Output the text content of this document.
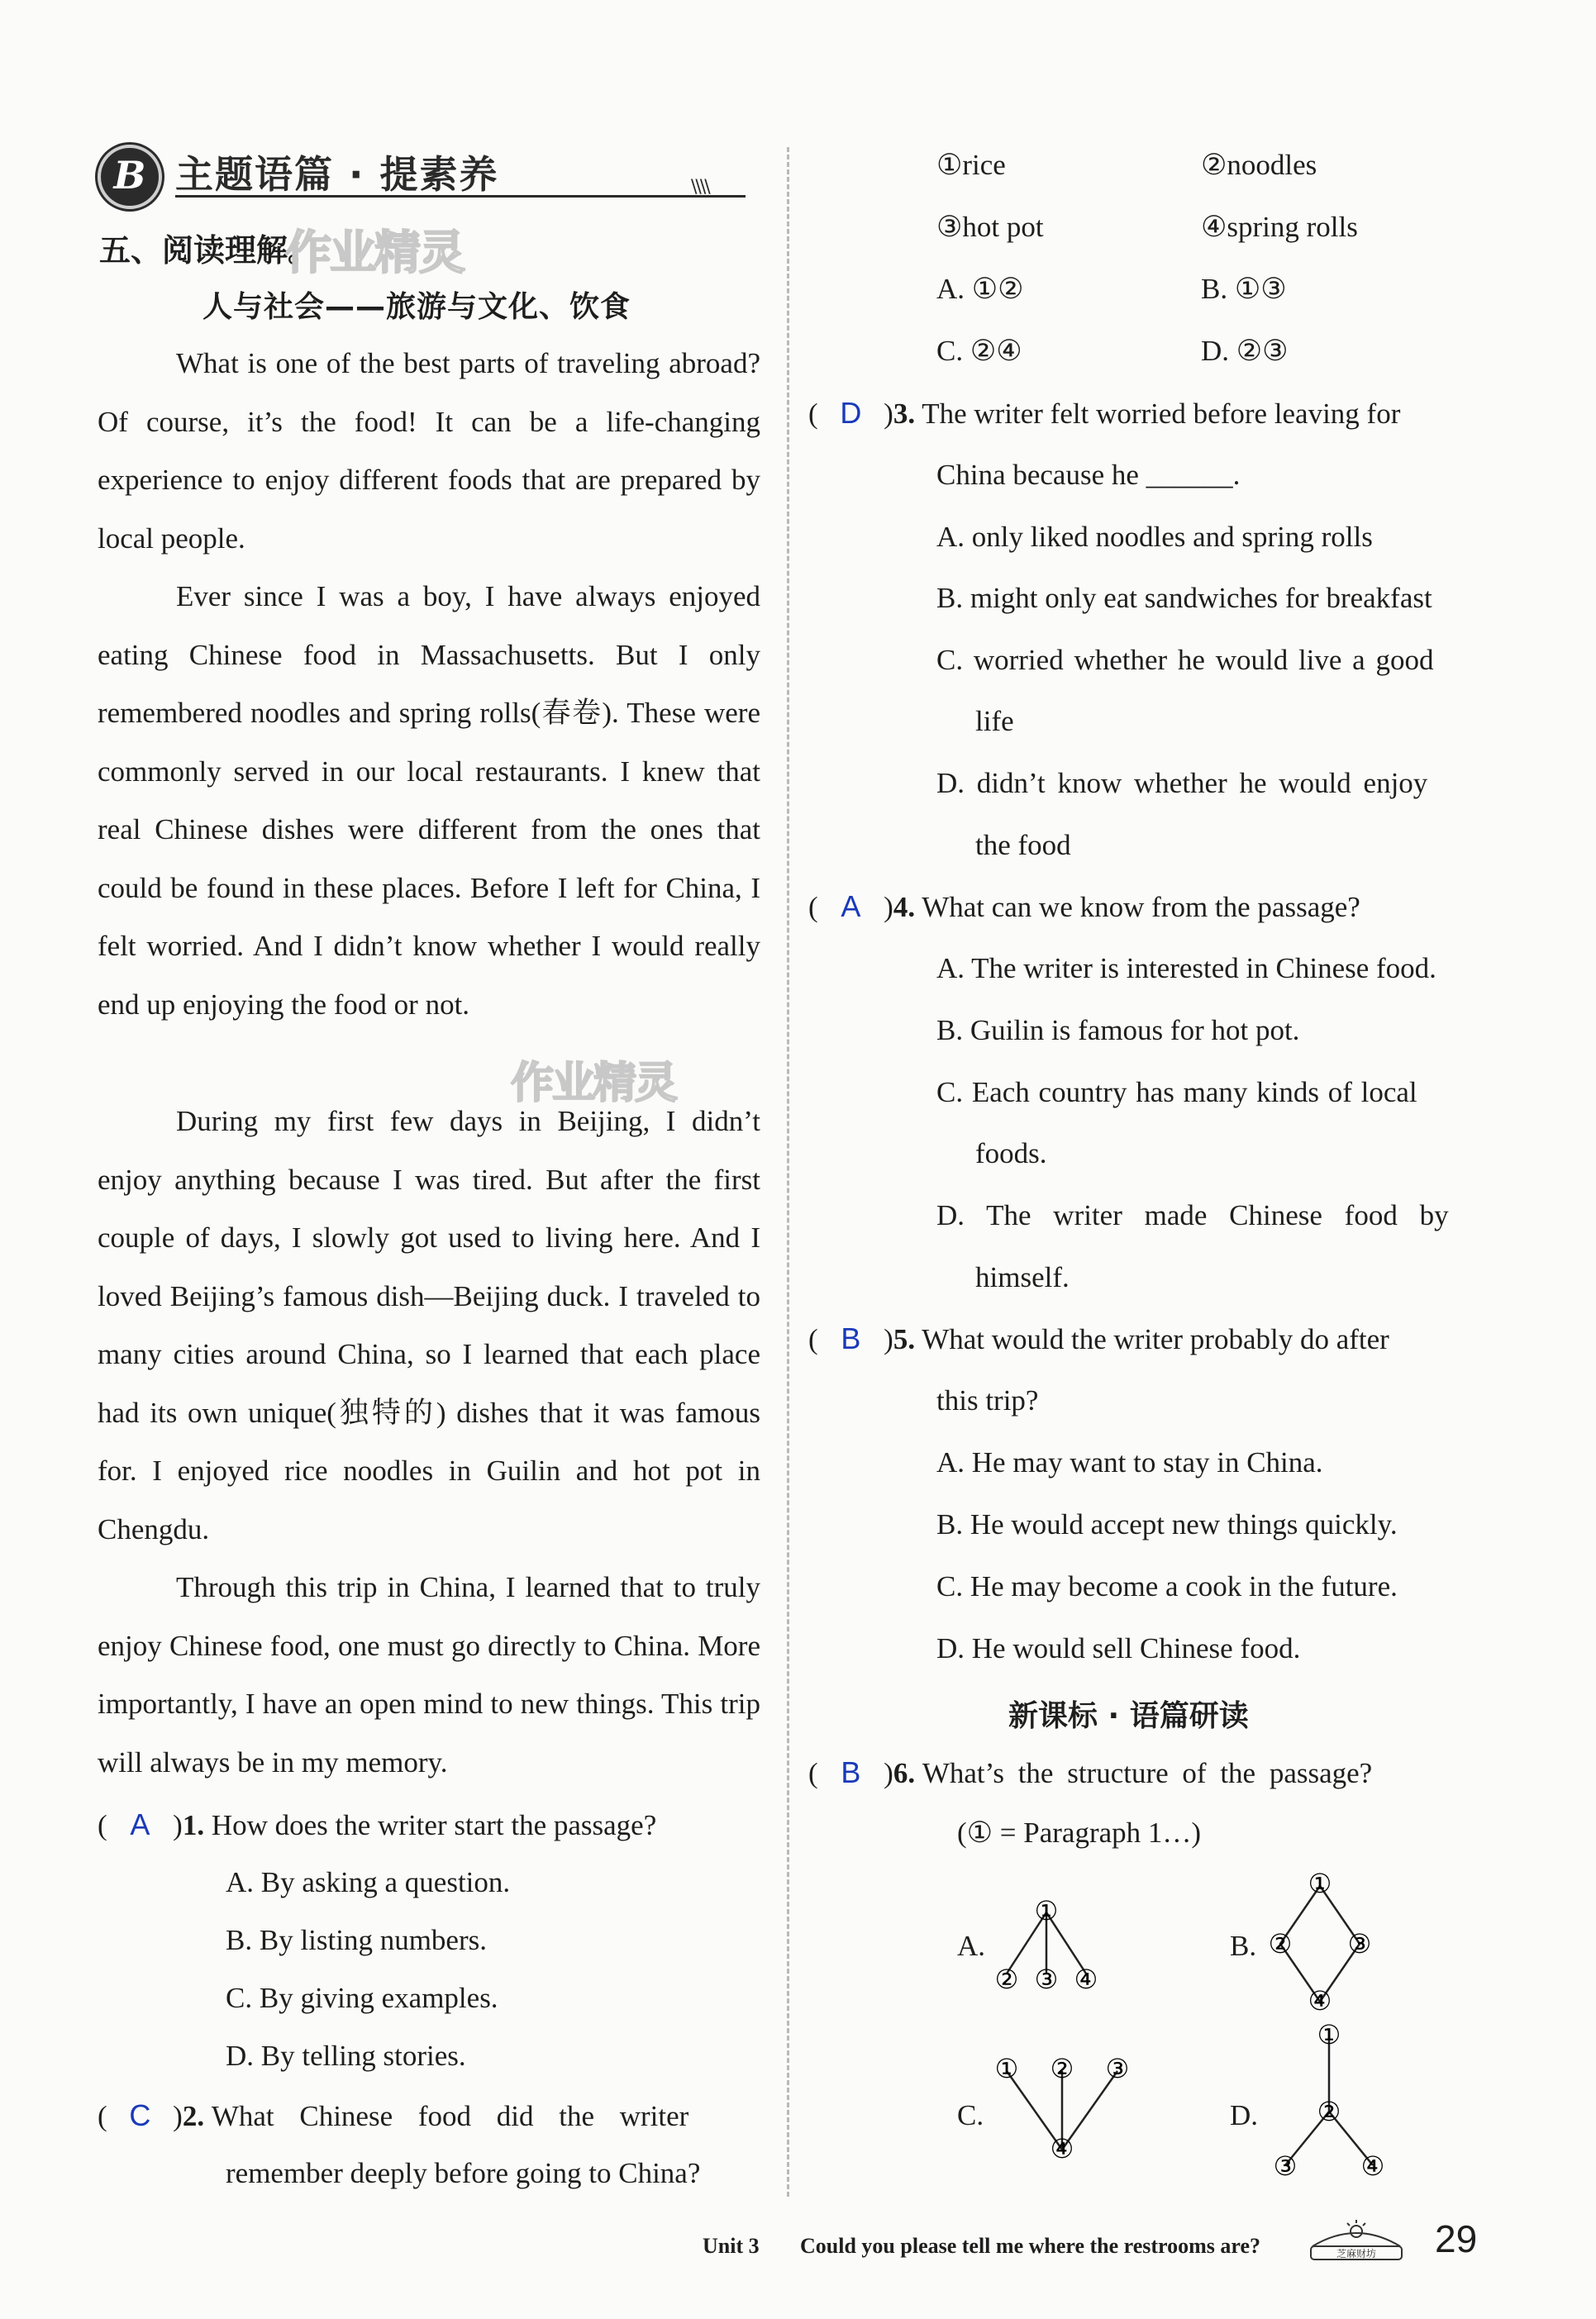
B 主题语篇 · 提素养	\\\\
五、阅读理解。
作业精灵
人与社会——旅游与文化、饮食

What is one of the best parts of traveling abroad? Of course, it’s the food! It can be a life-changing experience to enjoy different foods that are prepared by local people.

Ever since I was a boy, I have always enjoyed eating Chinese food in Massachusetts. But I only remembered noodles and spring rolls(春卷). These were commonly served in our local restaurants. I knew that real Chinese dishes were different from the ones that could be found in these places. Before I left for China, I felt worried. And I didn’t know whether I would really end up enjoying the food or not.

During my first few days in Beijing, I didn’t enjoy anything because I was tired. But after the first couple of days, I slowly got used to living here. And I loved Beijing’s famous dish—Beijing duck. I traveled to many cities around China, so I learned that each place had its own unique(独特的) dishes that it was famous for. I enjoyed rice noodles in Guilin and hot pot in Chengdu.

Through this trip in China, I learned that to truly enjoy Chinese food, one must go directly to China. More importantly, I have an open mind to new things. This trip will always be in my memory.

作业精灵
( A )1. How does the writer start the passage?
A. By asking a question.
B. By listing numbers.
C. By giving examples.
D. By telling stories.
( C )2. What Chinese food did the writer
remember deeply before going to China?
①rice	②noodles
③hot pot	④spring rolls
A. ①②	B. ①③
C. ②④	D. ②③
( D )3. The writer felt worried before leaving for
China because he ______.
A. only liked noodles and spring rolls
B. might only eat sandwiches for breakfast
C. worried whether he would live a good
life
D. didn’t know whether he would enjoy
the food
( A )4. What can we know from the passage?
A. The writer is interested in Chinese food.
B. Guilin is famous for hot pot.
C. Each country has many kinds of local
foods.
D. The writer made Chinese food by
himself.
( B )5. What would the writer probably do after
this trip?
A. He may want to stay in China.
B. He would accept new things quickly.
C. He may become a cook in the future.
D. He would sell Chinese food.
新课标 · 语篇研读
( B )6. What’s the structure of the passage?
(① = Paragraph 1…)
A.	B.
C.	D.
①
② ③ ④
①
② ③
④
① ② ③
④
①
②
③ ④
Unit 3 Could you please tell me where the restrooms are?	芝麻财坊 29
